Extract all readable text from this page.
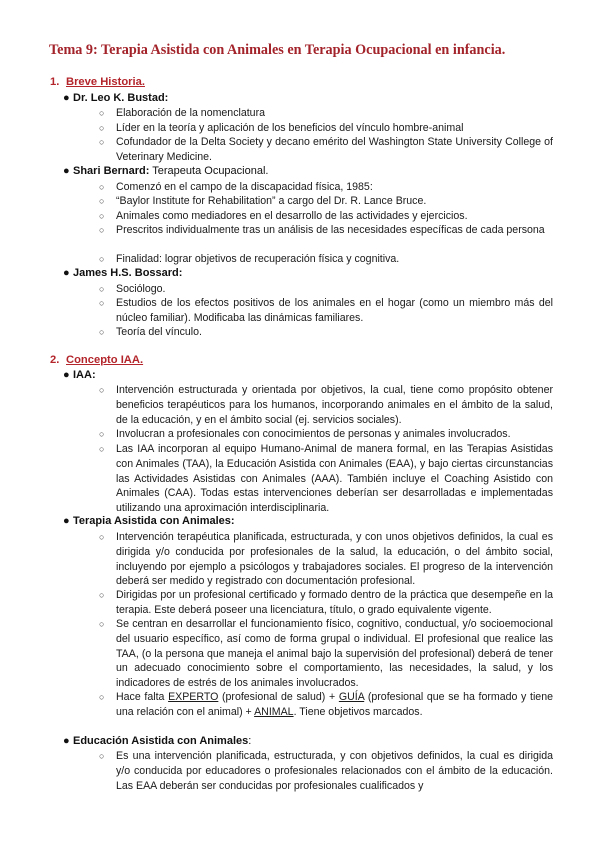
Tema 9: Terapia Asistida con Animales en Terapia Ocupacional en infancia.
1. Breve Historia.
● Dr. Leo K. Bustad:
○ Elaboración de la nomenclatura
○ Líder en la teoría y aplicación de los beneficios del vínculo hombre-animal
○ Cofundador de la Delta Society y decano emérito del Washington State University College of Veterinary Medicine.
● Shari Bernard: Terapeuta Ocupacional.
○ Comenzó en el campo de la discapacidad física, 1985:
○ “Baylor Institute for Rehabilitation” a cargo del Dr. R. Lance Bruce.
○ Animales como mediadores en el desarrollo de las actividades y ejercicios.
○ Prescritos individualmente tras un análisis de las necesidades específicas de cada persona
○ Finalidad: lograr objetivos de recuperación física y cognitiva.
● James H.S. Bossard:
○ Sociólogo.
○ Estudios de los efectos positivos de los animales en el hogar (como un miembro más del núcleo familiar). Modificaba las dinámicas familiares.
○ Teoría del vínculo.
2. Concepto IAA.
● IAA:
○ Intervención estructurada y orientada por objetivos, la cual, tiene como propósito obtener beneficios terapéuticos para los humanos, incorporando animales en el ámbito de la salud, de la educación, y en el ámbito social (ej. servicios sociales).
○ Involucran a profesionales con conocimientos de personas y animales involucrados.
○ Las IAA incorporan al equipo Humano-Animal de manera formal, en las Terapias Asistidas con Animales (TAA), la Educación Asistida con Animales (EAA), y bajo ciertas circunstancias las Actividades Asistidas con Animales (AAA). También incluye el Coaching Asistido con Animales (CAA). Todas estas intervenciones deberían ser desarrolladas e implementadas utilizando una aproximación interdisciplinaria.
● Terapia Asistida con Animales:
○ Intervención terapéutica planificada, estructurada, y con unos objetivos definidos, la cual es dirigida y/o conducida por profesionales de la salud, la educación, o del ámbito social, incluyendo por ejemplo a psicólogos y trabajadores sociales. El progreso de la intervención deberá ser medido y registrado con documentación profesional.
○ Dirigidas por un profesional certificado y formado dentro de la práctica que desempeñe en la terapia. Este deberá poseer una licenciatura, título, o grado equivalente vigente.
○ Se centran en desarrollar el funcionamiento físico, cognitivo, conductual, y/o socioemocional del usuario específico, así como de forma grupal o individual. El profesional que realice las TAA, (o la persona que maneja el animal bajo la supervisión del profesional) deberá de tener un adecuado conocimiento sobre el comportamiento, las necesidades, la salud, y los indicadores de estrés de los animales involucrados.
○ Hace falta EXPERTO (profesional de salud) + GUÍA (profesional que se ha formado y tiene una relación con el animal) + ANIMAL. Tiene objetivos marcados.
● Educación Asistida con Animales:
○ Es una intervención planificada, estructurada, y con objetivos definidos, la cual es dirigida y/o conducida por educadores o profesionales relacionados con el ámbito de la educación. Las EAA deberán ser conducidas por profesionales cualificados y
